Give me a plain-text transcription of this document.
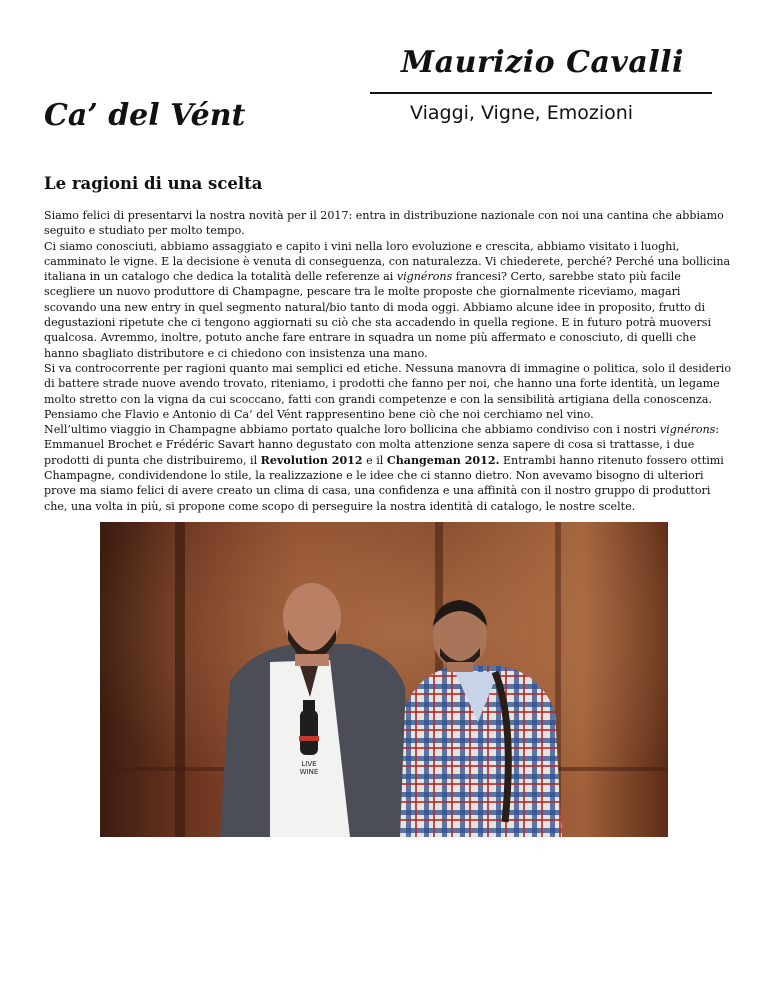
Maurizio Cavalli
Viaggi, Vigne, Emozioni
Ca’ del Vént
Le ragioni di una scelta

Siamo felici di presentarvi la nostra novità per il 2017: entra in distribuzione nazionale con noi una cantina che abbiamo seguito e studiato per molto tempo.

Ci siamo conosciuti, abbiamo assaggiato e capito i vini nella loro evoluzione e crescita, abbiamo visitato i luoghi, camminato le vigne. E la decisione è venuta di conseguenza, con naturalezza. Vi chiederete, perché? Perché una bollicina italiana in un catalogo che dedica la totalità delle referenze ai vignérons francesi? Certo, sarebbe stato più facile scegliere un nuovo produttore di Champagne, pescare tra le molte proposte che giornalmente riceviamo, magari scovando una new entry in quel segmento natural/bio tanto di moda oggi. Abbiamo alcune idee in proposito, frutto di degustazioni ripetute che ci tengono aggiornati su ciò che sta accadendo in quella regione. E in futuro potrà muoversi qualcosa. Avremmo, inoltre, potuto anche fare entrare in squadra un nome più affermato e conosciuto, di quelli che hanno sbagliato distributore e ci chiedono con insistenza una mano.

Si va controcorrente per ragioni quanto mai semplici ed etiche. Nessuna manovra di immagine o politica, solo il desiderio di battere strade nuove avendo trovato, riteniamo, i prodotti che fanno per noi, che hanno una forte identità, un legame molto stretto con la vigna da cui scoccano, fatti con grandi competenze e con la sensibilità artigiana della conoscenza. Pensiamo che Flavio e Antonio di Ca’ del Vént rappresentino bene ciò che noi cerchiamo nel vino.

Nell’ultimo viaggio in Champagne abbiamo portato qualche loro bollicina che abbiamo condiviso con i nostri vignérons: Emmanuel Brochet e Frédéric Savart hanno degustato con molta attenzione senza sapere di cosa si trattasse, i due prodotti di punta che distribuiremo, il Revolution 2012 e il Changeman 2012. Entrambi hanno ritenuto fossero ottimi Champagne, condividendone lo stile, la realizzazione e le idee che ci stanno dietro. Non avevamo bisogno di ulteriori prove ma siamo felici di avere creato un clima di casa, una confidenza e una affinità con il nostro gruppo di produttori che, una volta in più, si propone come scopo di perseguire la nostra identità di catalogo, le nostre scelte.

LIVE
WINE
